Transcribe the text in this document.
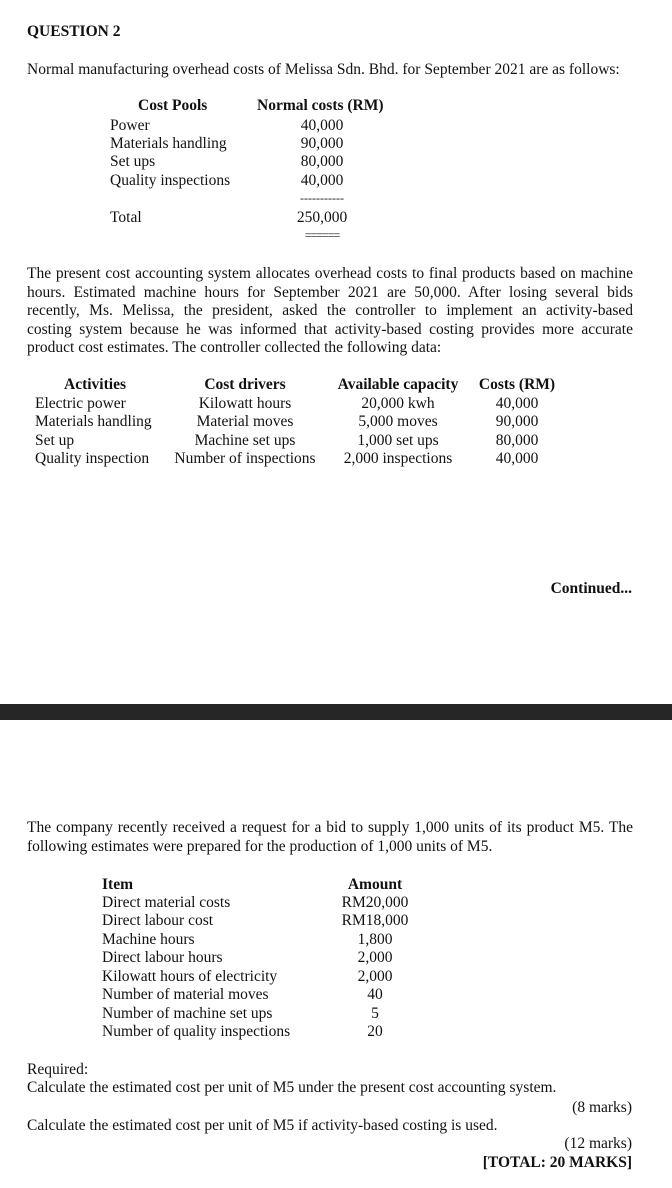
QUESTION 2
Normal manufacturing overhead costs of Melissa Sdn. Bhd. for September 2021 are as follows:
Cost Pools	Normal costs (RM)
Power	40,000
Materials handling	90,000
Set ups	80,000
Quality inspections	40,000
-----------
Total	250,000
======
The present cost accounting system allocates overhead costs to final products based on machine
hours. Estimated machine hours for September 2021 are 50,000. After losing several bids
recently, Ms. Melissa, the president, asked the controller to implement an activity-based
costing system because he was informed that activity-based costing provides more accurate
product cost estimates. The controller collected the following data:
Activities	Cost drivers	Available capacity	Costs (RM)
Electric power	Kilowatt hours	20,000 kwh	40,000
Materials handling	Material moves	5,000 moves	90,000
Set up	Machine set ups	1,000 set ups	80,000
Quality inspection Number of inspections	2,000 inspections	40,000
Continued...
The company recently received a request for a bid to supply 1,000 units of its product M5. The
following estimates were prepared for the production of 1,000 units of M5.
Item	Amount
Direct material costs	RM20,000
Direct labour cost	RM18,000
Machine hours	1,800
Direct labour hours	2,000
Kilowatt hours of electricity	2,000
Number of material moves	40
Number of machine set ups	5
Number of quality inspections	20
Required:
Calculate the estimated cost per unit of M5 under the present cost accounting system.
(8 marks)
Calculate the estimated cost per unit of M5 if activity-based costing is used.
(12 marks)
[TOTAL: 20 MARKS]
